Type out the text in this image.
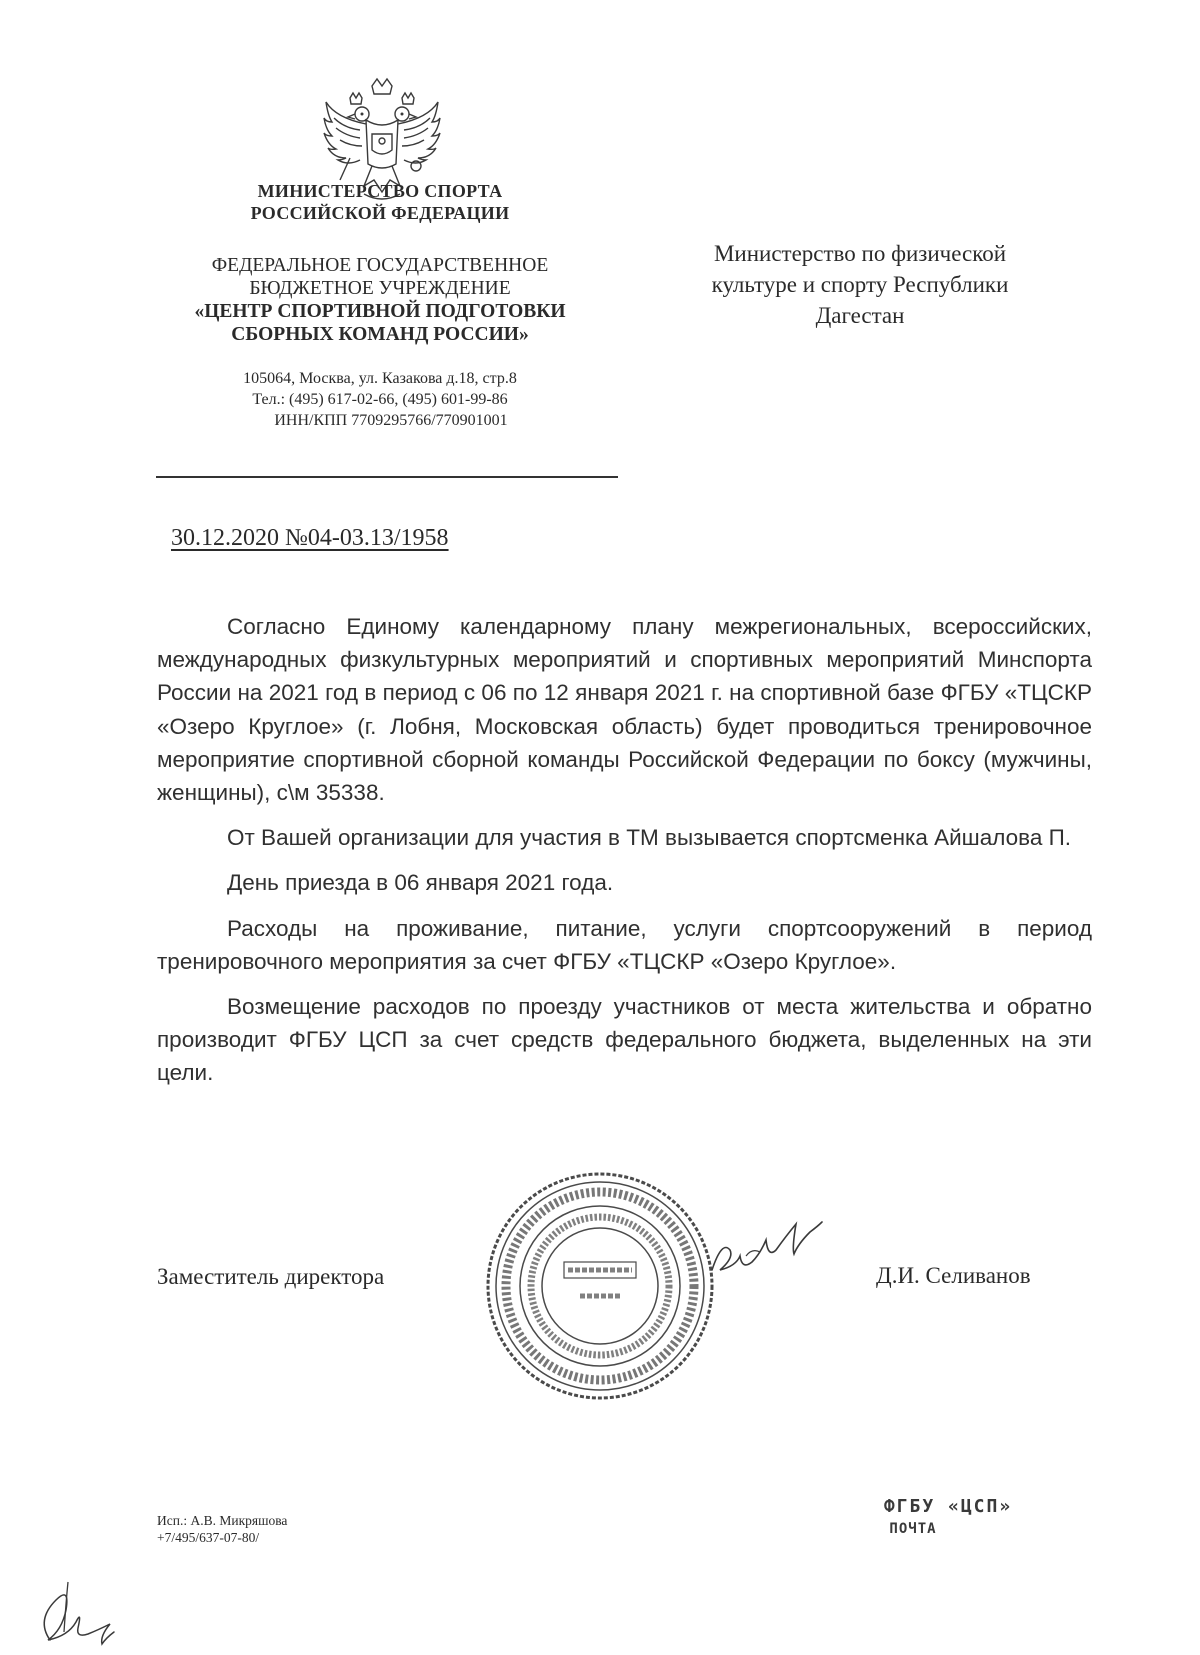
МИНИСТЕРСТВО СПОРТА
РОССИЙСКОЙ ФЕДЕРАЦИИ
ФЕДЕРАЛЬНОЕ ГОСУДАРСТВЕННОЕ
БЮДЖЕТНОЕ УЧРЕЖДЕНИЕ
«ЦЕНТР СПОРТИВНОЙ ПОДГОТОВКИ
СБОРНЫХ КОМАНД РОССИИ»
105064, Москва, ул. Казакова д.18, стр.8
Тел.: (495) 617-02-66, (495) 601-99-86
ИНН/КПП 7709295766/770901001
Министерство по физической
культуре и спорту Республики
Дагестан
30.12.2020 №04-03.13/1958

Согласно Единому календарному плану межрегиональных, всероссийских, международных физкультурных мероприятий и спортивных мероприятий Минспорта России на 2021 год в период с 06 по 12 января 2021 г. на спортивной базе ФГБУ «ТЦСКР «Озеро Круглое» (г. Лобня, Московская область) будет проводиться тренировочное мероприятие спортивной сборной команды Российской Федерации по боксу (мужчины, женщины), с\м 35338.

От Вашей организации для участия в ТМ вызывается спортсменка Айшалова П.

День приезда в 06 января 2021 года.

Расходы на проживание, питание, услуги спортсооружений в период тренировочного мероприятия за счет ФГБУ «ТЦСКР «Озеро Круглое».

Возмещение расходов по проезду участников от места жительства и обратно производит ФГБУ ЦСП за счет средств федерального бюджета, выделенных на эти цели.

Заместитель директора	Д.И. Селиванов
Исп.: А.В. Микряшова
+7/495/637-07-80/
ФГБУ «ЦСП»
ПОЧТА
